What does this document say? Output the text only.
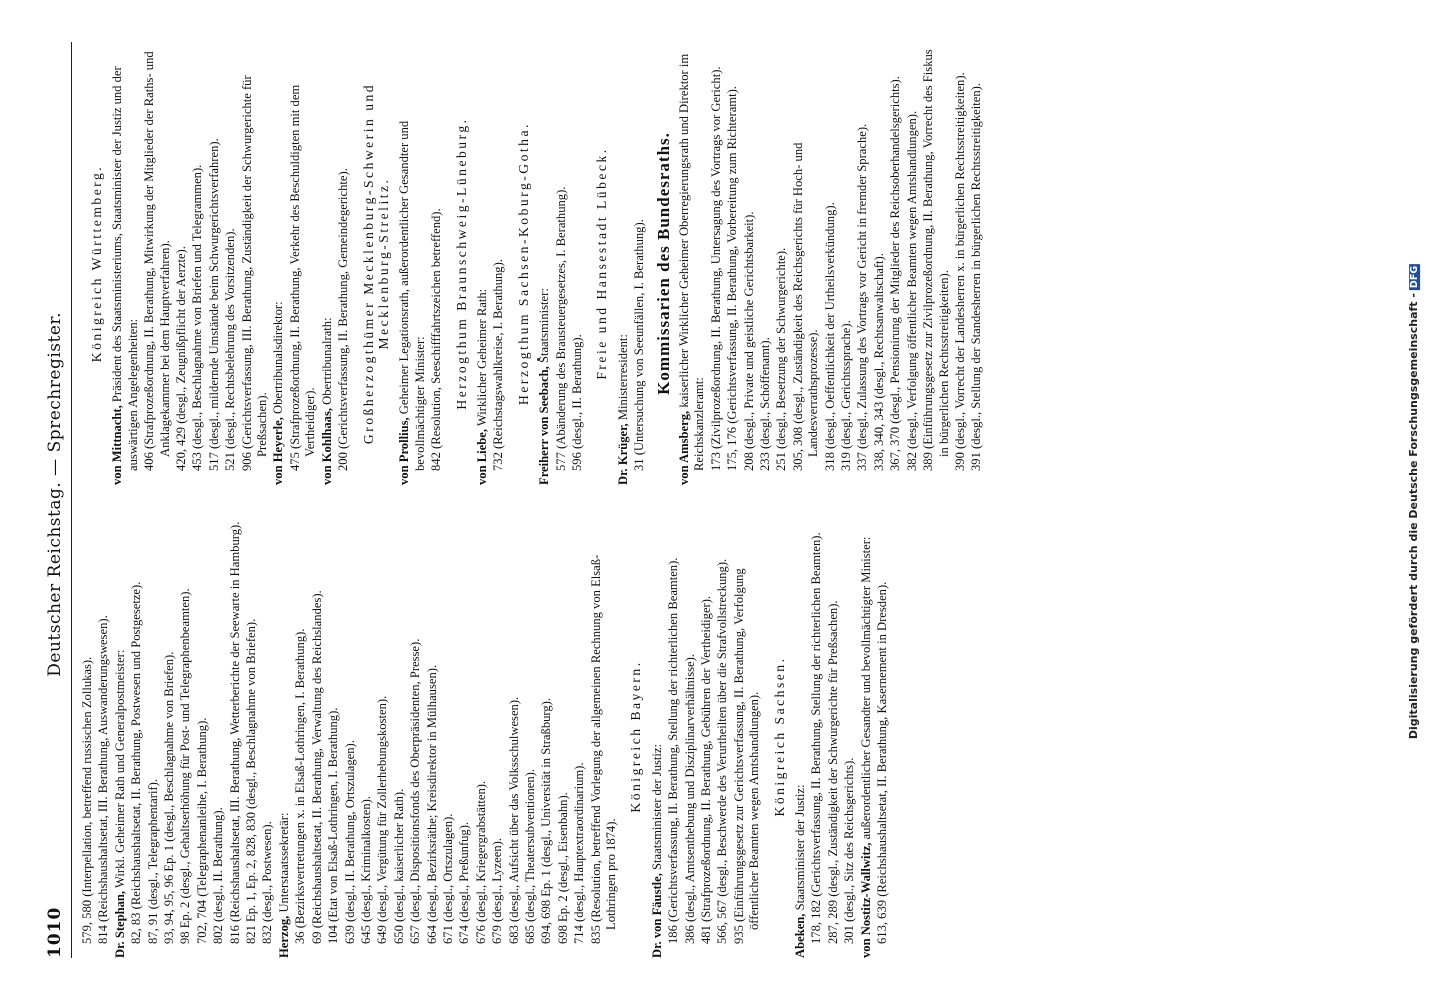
1010
Deutscher Reichstag. — Sprechregister.
579, 580 (Interpellation, betreffend russischen Zollukas). 814 (Reichshaushaltsetat, III. Berathung, Auswanderungswesen). Dr. Stephan, Wirkl. Geheimer Rath und Generalpostmeister: 82, 83 (Reichshaushaltsetat, II. Berathung, Postwesen und Postgesetze). 87, 91 (desgl., Telegraphentarif). 93, 94, 95, 96 Ep. 1 (desgl., Beschlagnahme von Briefen). 98 Ep. 2 (desgl., Gehaltserhöhung für Post- und Telegraphenbeamten). 702, 704 (Telegraphenanleihe, I. Berathung). 802 (desgl., II. Berathung). 816 (Reichshaushaltsetat, III. Berathung, Wetterberichte der Seewarte in Hamburg). 821 Ep. 1, Ep. 2, 828, 830 (desgl., Beschlagnahme von Briefen). 832 (desgl., Postwesen). Herzog, Unterstaatssekretär: 36 (Bezirksvertretungen x. in Elsaß-Lothringen, I. Berathung). 69 (Reichshaushaltsetat, II. Berathung, Verwaltung des Reichslandes). 104 (Etat von Elsaß-Lothringen, I. Berathung). 639 (desgl., II. Berathung, Ortszulagen). 645 (desgl., Kriminalkosten). 649 (desgl., Vergütung für Zollerhebungskosten). 650 (desgl., kaiserlicher Rath). 657 (desgl., Dispositionsfonds des Oberpräsidenten, Presse). 664 (desgl., Bezirksräthe; Kreisdirektor in Mülhausen). 671 (desgl., Ortszulagen). 674 (desgl., Preßunfug). 676 (desgl., Kriegergrabstätten). 679 (desgl., Lyzeen). 683 (desgl., Aufsicht über das Volksschulwesen). 685 (desgl., Theatersubventionen). 694, 698 Ep. 1 (desgl., Universität in Straßburg). 698 Ep. 2 (desgl., Eisenbahn). 714 (desgl., Hauptextraordinarium). 835 (Resolution, betreffend Vorlegung der allgemeinen Rechnung von Elsaß-Lothringen pro 1874).
Königreich Bayern.
Dr. von Fäustle, Staatsminister der Justiz: 186 (Gerichtsverfassung, II. Berathung, Stellung der richterlichen Beamten). 386 (desgl., Amtsenthebung und Disziplinarverhältnisse). 481 (Strafprozeßordnung, II. Berathung, Gebühren der Vertheidiger). 566, 567 (desgl., Beschwerde des Verurtheilten über die Strafvollstreckung). 935 (Einführungsgesetz zur Gerichtsverfassung, II. Berathung, Verfolgung öffentlicher Beamten wegen Amtshandlungen). Königreich Sachsen.
Abeken, Staatsminister der Justiz: 178, 182 (Gerichtsverfassung, II. Berathung, Stellung der richterlichen Beamten). 287, 289 (desgl., Zuständigkeit der Schwurgerichte für Preßsachen). 301 (desgl., Sitz des Reichsgerichts). von Nostitz-Wallwitz, außerordentlicher Gesandter und bevollmächtigter Minister: 613, 639 (Reichshaushaltsetat, II. Berathung, Kasernement in Dresden).
Königreich Württemberg.
von Mittnacht, Präsident des Staatsministeriums, Staatsminister der Justiz und der auswärtigen Angelegenheiten: 406 (Strafprozeßordnung, II. Berathung, Mitwirkung der Mitglieder der Raths- und Anklagekammer bei dem Hauptverfahren). 420, 429 (desgl., Zeugnißpflicht der Aerzte). 453 (desgl., Beschlagnahme von Briefen und Telegrammen). 517 (desgl., mildernde Umstände beim Schwurgerichtsverfahren). 521 (desgl., Rechtsbelehrung des Vorsitzenden). 906 (Gerichtsverfassung, III. Berathung, Zuständigkeit der Schwurgerichte für Preßsachen). von Heyerle, Obertribunalsdirektor: 475 (Strafprozeßordnung, II. Berathung, Verkehr des Beschuldigten mit dem Vertheidiger). von Kohlhaas, Obertribunalrath: 200 (Gerichtsverfassung, II. Berathung, Gemeindegerichte). Großherzogthümer Mecklenburg-Schwerin und Mecklenburg-Strelitz.
von Prollius, Geheimer Legationsrath, außerordentlicher Gesandter und bevollmächtigter Minister: 842 (Resolution, Seeschifffahrtszeichen betreffend). Herzogthum Braunschweig-Lüneburg.
von Liebe, Wirklicher Geheimer Rath: 732 (Reichstagswahlkreise, I. Berathung). Herzogthum Sachsen-Koburg-Gotha.
Freiherr von Seebach, Staatsminister: 577 (Abänderung des Brausteuergesetzes, I. Berathung). 596 (desgl., II. Berathung).
Freie und Hansestadt Lübeck.
Dr. Krüger, Ministerresident: 31 (Untersuchung von Seeunfällen, I. Berathung). Kommissarien des Bundesraths.
von Amsberg, kaiserlicher Wirklicher Geheimer Oberregierungsrath und Direktor im Reichskanzleramt: 173 (Zivilprozeßordnung, II. Berathung, Untersagung des Vortrags vor Gericht). 175, 176 (Gerichtsverfassung, II. Berathung, Vorbereitung zum Richteramt). 208 (desgl., Private und geistliche Gerichtsbarkeit). 233 (desgl., Schöffenamt). 251 (desgl., Besetzung der Schwurgerichte). 305, 308 (desgl., Zuständigkeit des Reichsgerichts für Hoch- und Landesverrathsprozesse). 318 (desgl., Oeffentlichkeit der Urtheilsverkündung). 319 (desgl., Gerichtssprache). 337 (desgl., Zulassung des Vortrags vor Gericht in fremder Sprache). 338, 340, 343 (desgl., Rechtsanwaltschaft). 367, 370 (desgl., Pensionirung der Mitglieder des Reichsoberhandelsgerichts). 382 (desgl., Verfolgung öffentlicher Beamten wegen Amtshandlungen). 389 (Einführungsgesetz zur Zivilprozeßordnung, II. Berathung, Vorrecht des Fiskus in bürgerlichen Rechtsstreitigkeiten). 390 (desgl., Vorrecht der Landesherren x. in bürgerlichen Rechtsstreitigkeiten). 391 (desgl., Stellung der Standesherren in bürgerlichen Rechtsstreitigkeiten).
Digitalisierung gefördert durch die Deutsche Forschungsgemeinschaft -DFG
